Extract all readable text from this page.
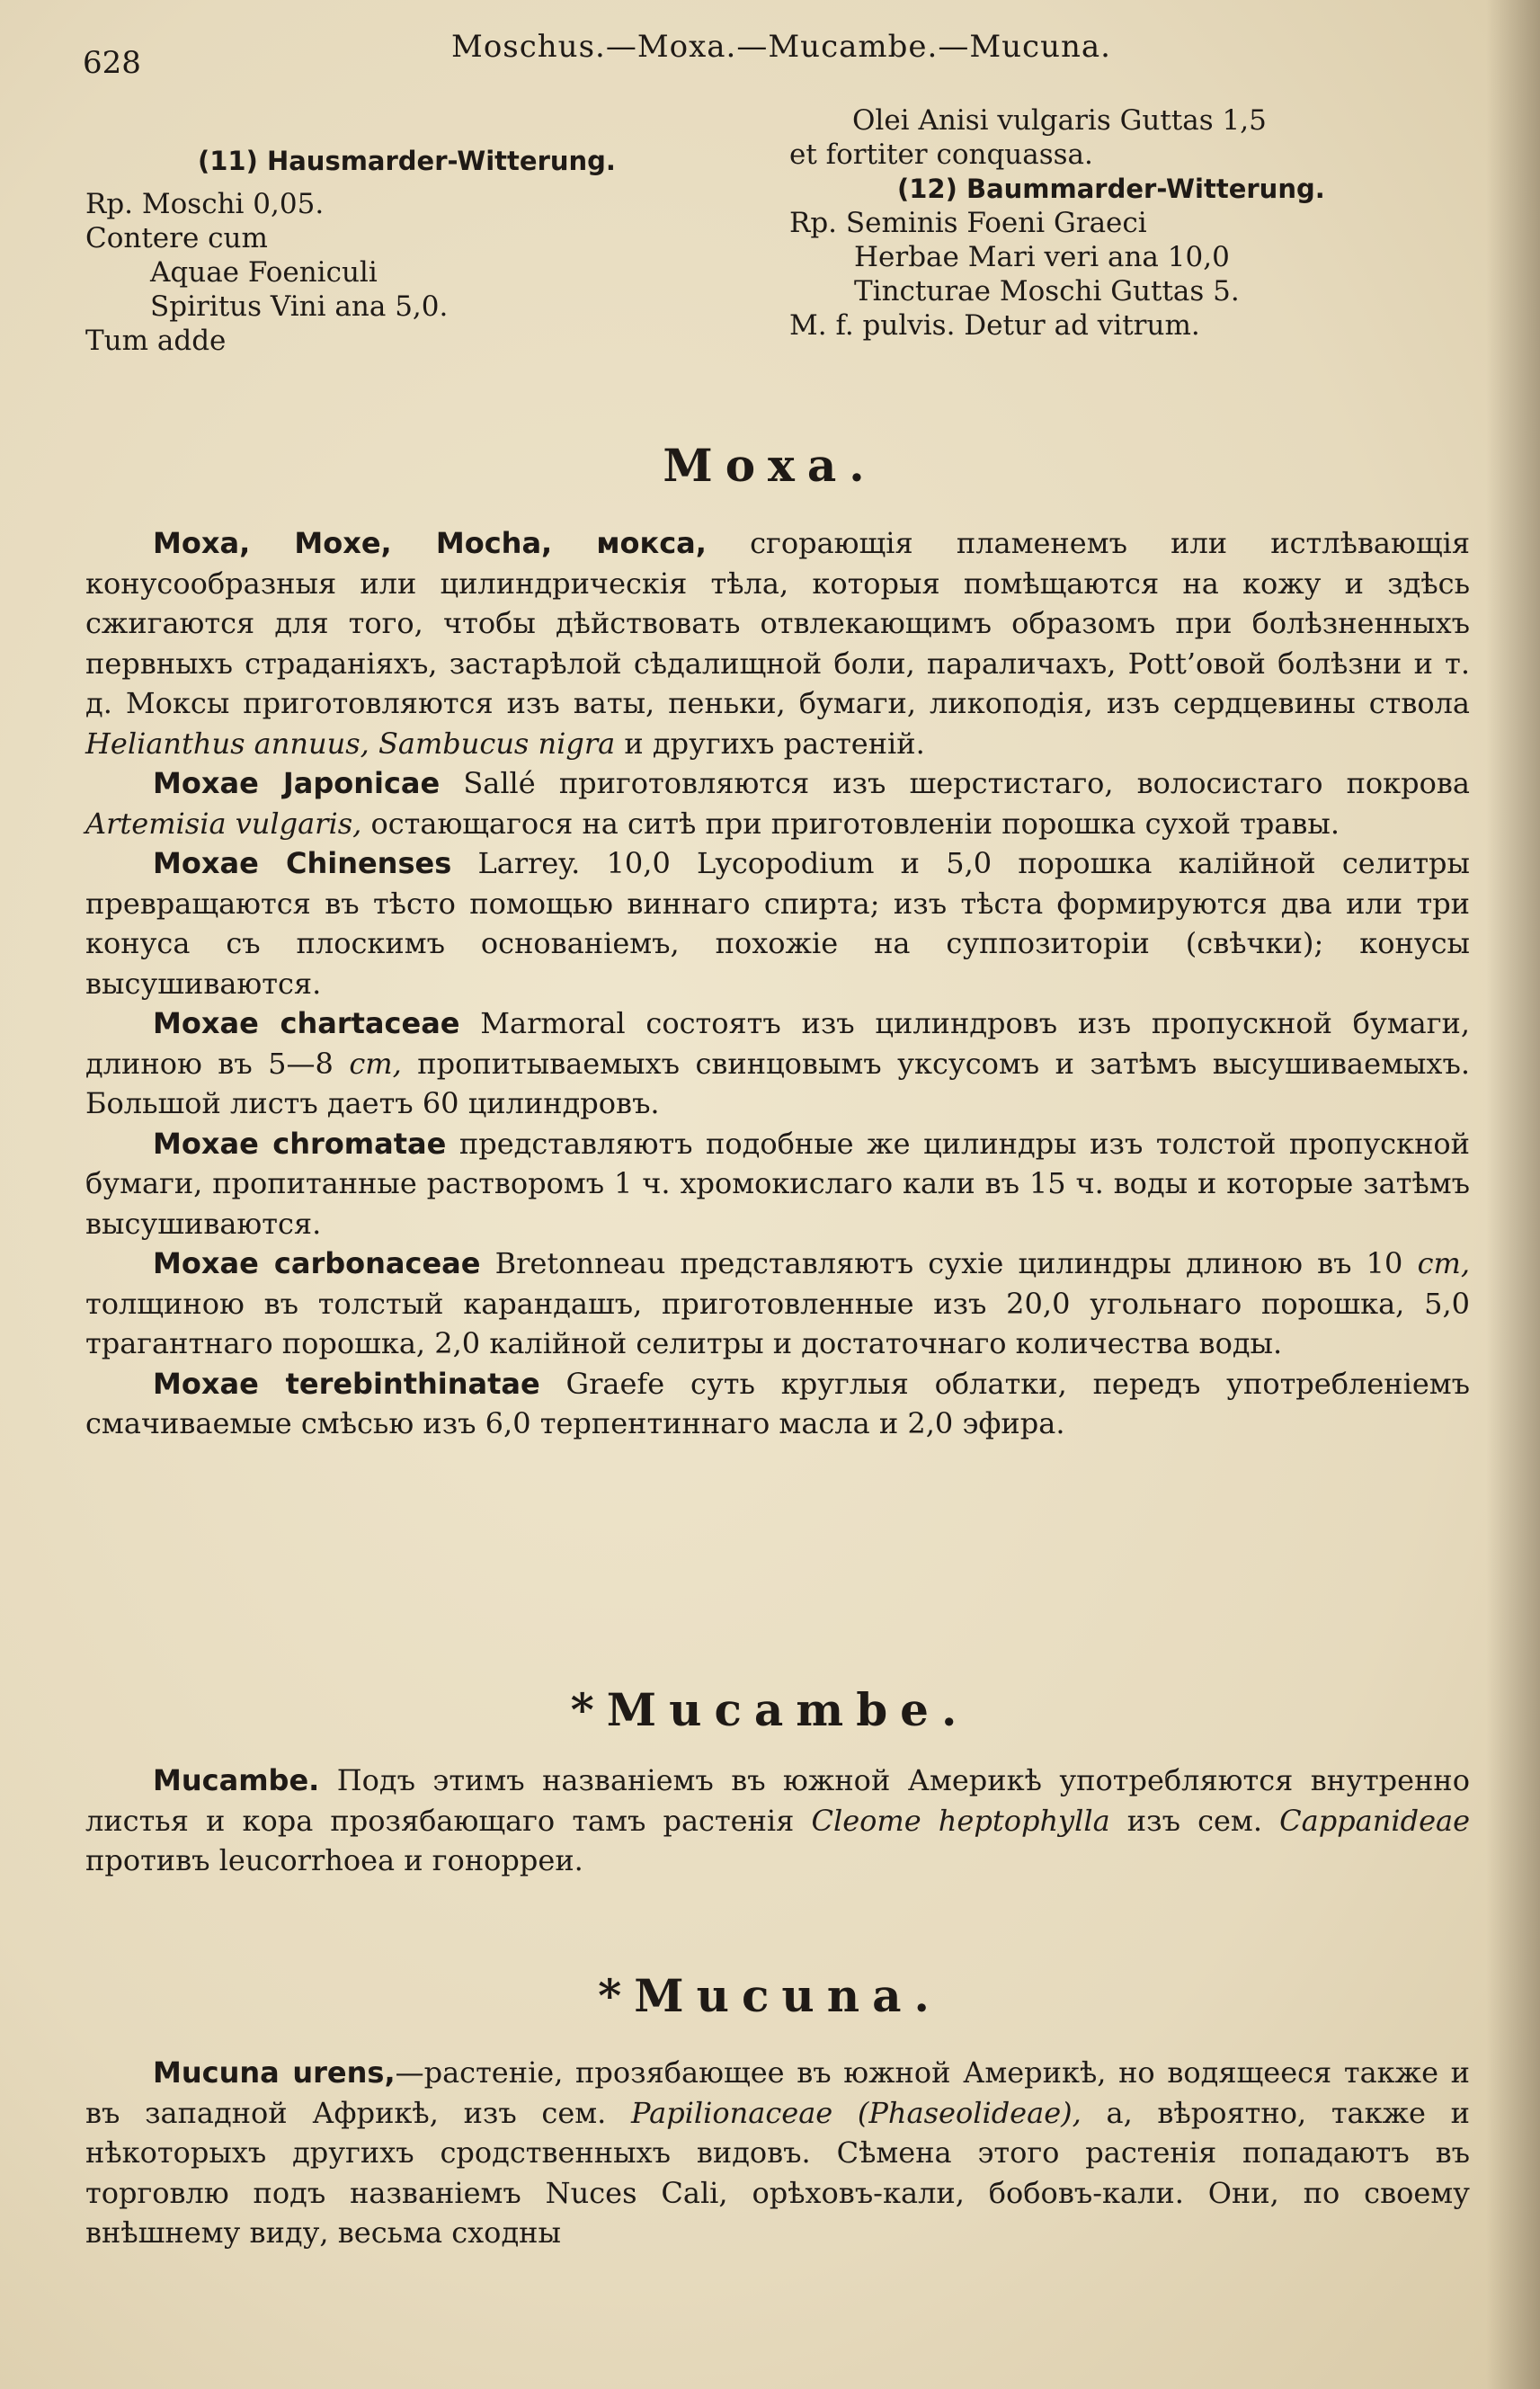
628	Moschus.—Moxa.—Mucambe.—Mucuna.
(11) Hausmarder-Witterung.
Rp. Moschi 0,05.
Contere cum
Aquae Foeniculi
Spiritus Vini ana 5,0.
Tum adde
Olei Anisi vulgaris Guttas 1,5
et fortiter conquassa.
(12) Baummarder-Witterung.
Rp. Seminis Foeni Graeci
Herbae Mari veri ana 10,0
Tincturae Moschi Guttas 5.
M. f. pulvis. Detur ad vitrum.
Moxa.
Moxa, Moxe, Mocha, мокса, сгорающія пламенемъ или истлѣвающія конусообразныя или цилиндрическія тѣла, которыя помѣщаются на кожу и здѣсь сжигаются для того, чтобы дѣйствовать отвлекающимъ образомъ при болѣзненныхъ первныхъ страданіяхъ, застарѣлой сѣдалищной боли, параличахъ, Pott’овой болѣзни и т. д. Моксы приготовляются изъ ваты, пеньки, бумаги, ликоподія, изъ сердцевины ствола Helianthus annuus, Sambucus nigra и другихъ растеній.
Moxae Japonicae Sallé приготовляются изъ шерстистаго, волосистаго покрова Artemisia vulgaris, остающагося на ситѣ при приготовленіи порошка сухой травы.
Moxae Chinenses Larrey. 10,0 Lycopodium и 5,0 порошка калійной селитры превращаются въ тѣсто помощью виннаго спирта; изъ тѣста формируются два или три конуса съ плоскимъ основаніемъ, похожіе на суппозиторіи (свѣчки); конусы высушиваются.
Moxae chartaceae Marmoral состоятъ изъ цилиндровъ изъ пропускной бумаги, длиною въ 5—8 cm, пропитываемыхъ свинцовымъ уксусомъ и затѣмъ высушиваемыхъ. Большой листъ даетъ 60 цилиндровъ.
Moxae chromatae представляютъ подобные же цилиндры изъ толстой пропускной бумаги, пропитанные растворомъ 1 ч. хромокислаго кали въ 15 ч. воды и которые затѣмъ высушиваются.
Moxae carbonaceae Bretonneau представляютъ сухіе цилиндры длиною въ 10 cm, толщиною въ толстый карандашъ, приготовленные изъ 20,0 угольнаго порошка, 5,0 трагантнаго порошка, 2,0 калійной селитры и достаточнаго количества воды.
Moxae terebinthinatae Graefe суть круглыя облатки, передъ употребленіемъ смачиваемые смѣсью изъ 6,0 терпентиннаго масла и 2,0 эфира.
*Mucambe.
Mucambe. Подъ этимъ названіемъ въ южной Америкѣ употребляются внутренно листья и кора прозябающаго тамъ растенія Cleome heptophylla изъ сем. Cappanideae противъ leucorrhoea и гонорреи.
*Mucuna.
Mucuna urens,—растеніе, прозябающее въ южной Америкѣ, но водящееся также и въ западной Африкѣ, изъ сем. Papilionaceae (Phaseolideae), а, вѣроятно, также и нѣкоторыхъ другихъ сродственныхъ видовъ. Сѣмена этого растенія попадаютъ въ торговлю подъ названіемъ Nuces Cali, орѣховъ-кали, бобовъ-кали. Они, по своему внѣшнему виду, весьма сходны
